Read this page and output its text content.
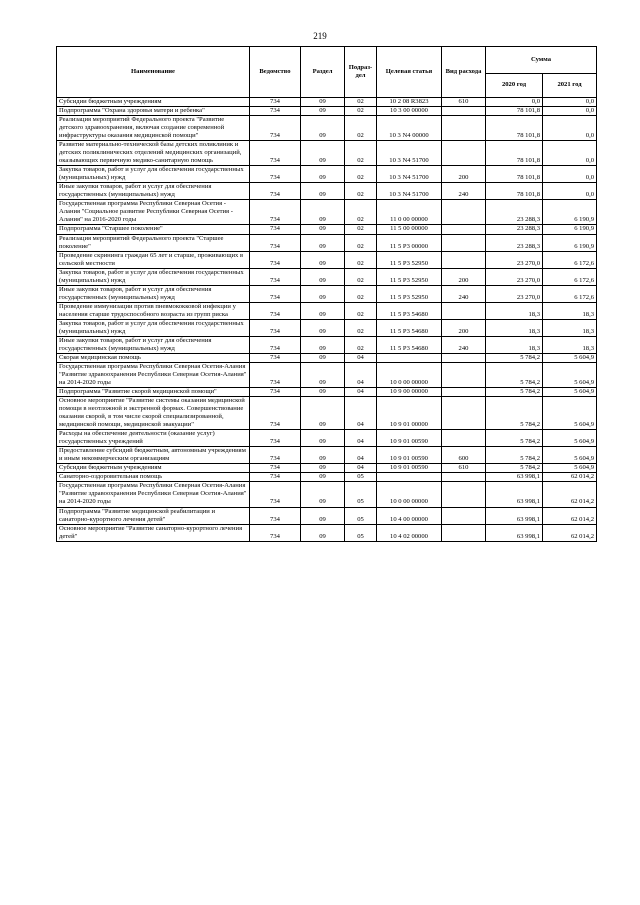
219
Наименование	Ведомство	Раздел	Подраз-дел	Целевая статья	Вид расхода	Сумма	
						2020 год	2021 год
Субсидии бюджетным учреждениям	734	09	02	10 2 08 R3823	610	0,0	0,0
Подпрограмма "Охрана здоровья матери и ребенка"	734	09	02	10 3 00 00000		78 101,8	0,0
Реализация мероприятий Федерального проекта "Развитие детского здравоохранения, включая создание современной инфраструктуры оказания медицинской помощи"	734	09	02	10 3 N4 00000		78 101,8	0,0
Развитие материально-технической базы детских поликлиник и детских поликлинических отделений медицинских организаций, оказывающих первичную медико-санитарную помощь	734	09	02	10 3 N4 51700		78 101,8	0,0
Закупка товаров, работ и услуг для обеспечения государственных (муниципальных) нужд	734	09	02	10 3 N4 51700	200	78 101,8	0,0
Иные закупки товаров, работ и услуг для обеспечения государственных (муниципальных) нужд	734	09	02	10 3 N4 51700	240	78 101,8	0,0
Государственная программа Республики Северная Осетия - Алания "Социальное развитие Республики Северная Осетия - Алания" на 2016-2020 годы	734	09	02	11 0 00 00000		23 288,3	6 190,9
Подпрограмма "Старшее поколение"	734	09	02	11 5 00 00000		23 288,3	6 190,9
Реализация мероприятий Федерального проекта "Старшее поколение"	734	09	02	11 5 P3 00000		23 288,3	6 190,9
Проведение скрининга граждан 65 лет и старше, проживающих в сельской местности	734	09	02	11 5 P3 52950		23 270,0	6 172,6
Закупка товаров, работ и услуг для обеспечения государственных (муниципальных) нужд	734	09	02	11 5 P3 52950	200	23 270,0	6 172,6
Иные закупки товаров, работ и услуг для обеспечения государственных (муниципальных) нужд	734	09	02	11 5 P3 52950	240	23 270,0	6 172,6
Проведение иммунизации против пневмококковой инфекции у населения старше трудоспособного возраста из групп риска	734	09	02	11 5 P3 54680		18,3	18,3
Закупка товаров, работ и услуг для обеспечения государственных (муниципальных) нужд	734	09	02	11 5 P3 54680	200	18,3	18,3
Иные закупки товаров, работ и услуг для обеспечения государственных (муниципальных) нужд	734	09	02	11 5 P3 54680	240	18,3	18,3
Скорая медицинская помощь	734	09	04			5 784,2	5 604,9
Государственная программа Республики Северная Осетия-Алания "Развитие здравоохранения Республики Северная Осетия-Алания" на 2014-2020 годы	734	09	04	10 0 00 00000		5 784,2	5 604,9
Подпрограмма "Развитие скорой медицинской помощи"	734	09	04	10 9 00 00000		5 784,2	5 604,9
Основное мероприятие "Развитие системы оказания медицинской помощи в неотложной и экстренной формах. Совершенствование оказания скорой, в том числе скорой специализированной, медицинской помощи, медицинской эвакуации"	734	09	04	10 9 01 00000		5 784,2	5 604,9
Расходы на обеспечение деятельности (оказание услуг) государственных учреждений	734	09	04	10 9 01 00590		5 784,2	5 604,9
Предоставление субсидий бюджетным, автономным учреждениям и иным некоммерческим организациям	734	09	04	10 9 01 00590	600	5 784,2	5 604,9
Субсидии бюджетным учреждениям	734	09	04	10 9 01 00590	610	5 784,2	5 604,9
Санаторно-оздоровительная помощь	734	09	05			63 998,1	62 014,2
Государственная программа Республики Северная Осетия-Алания "Развитие здравоохранения Республики Северная Осетия-Алания" на 2014-2020 годы	734	09	05	10 0 00 00000		63 998,1	62 014,2
Подпрограмма "Развитие медицинской реабилитации и санаторно-курортного лечения детей"	734	09	05	10 4 00 00000		63 998,1	62 014,2
Основное мероприятие "Развитие санаторно-курортного лечения детей"	734	09	05	10 4 02 00000		63 998,1	62 014,2
